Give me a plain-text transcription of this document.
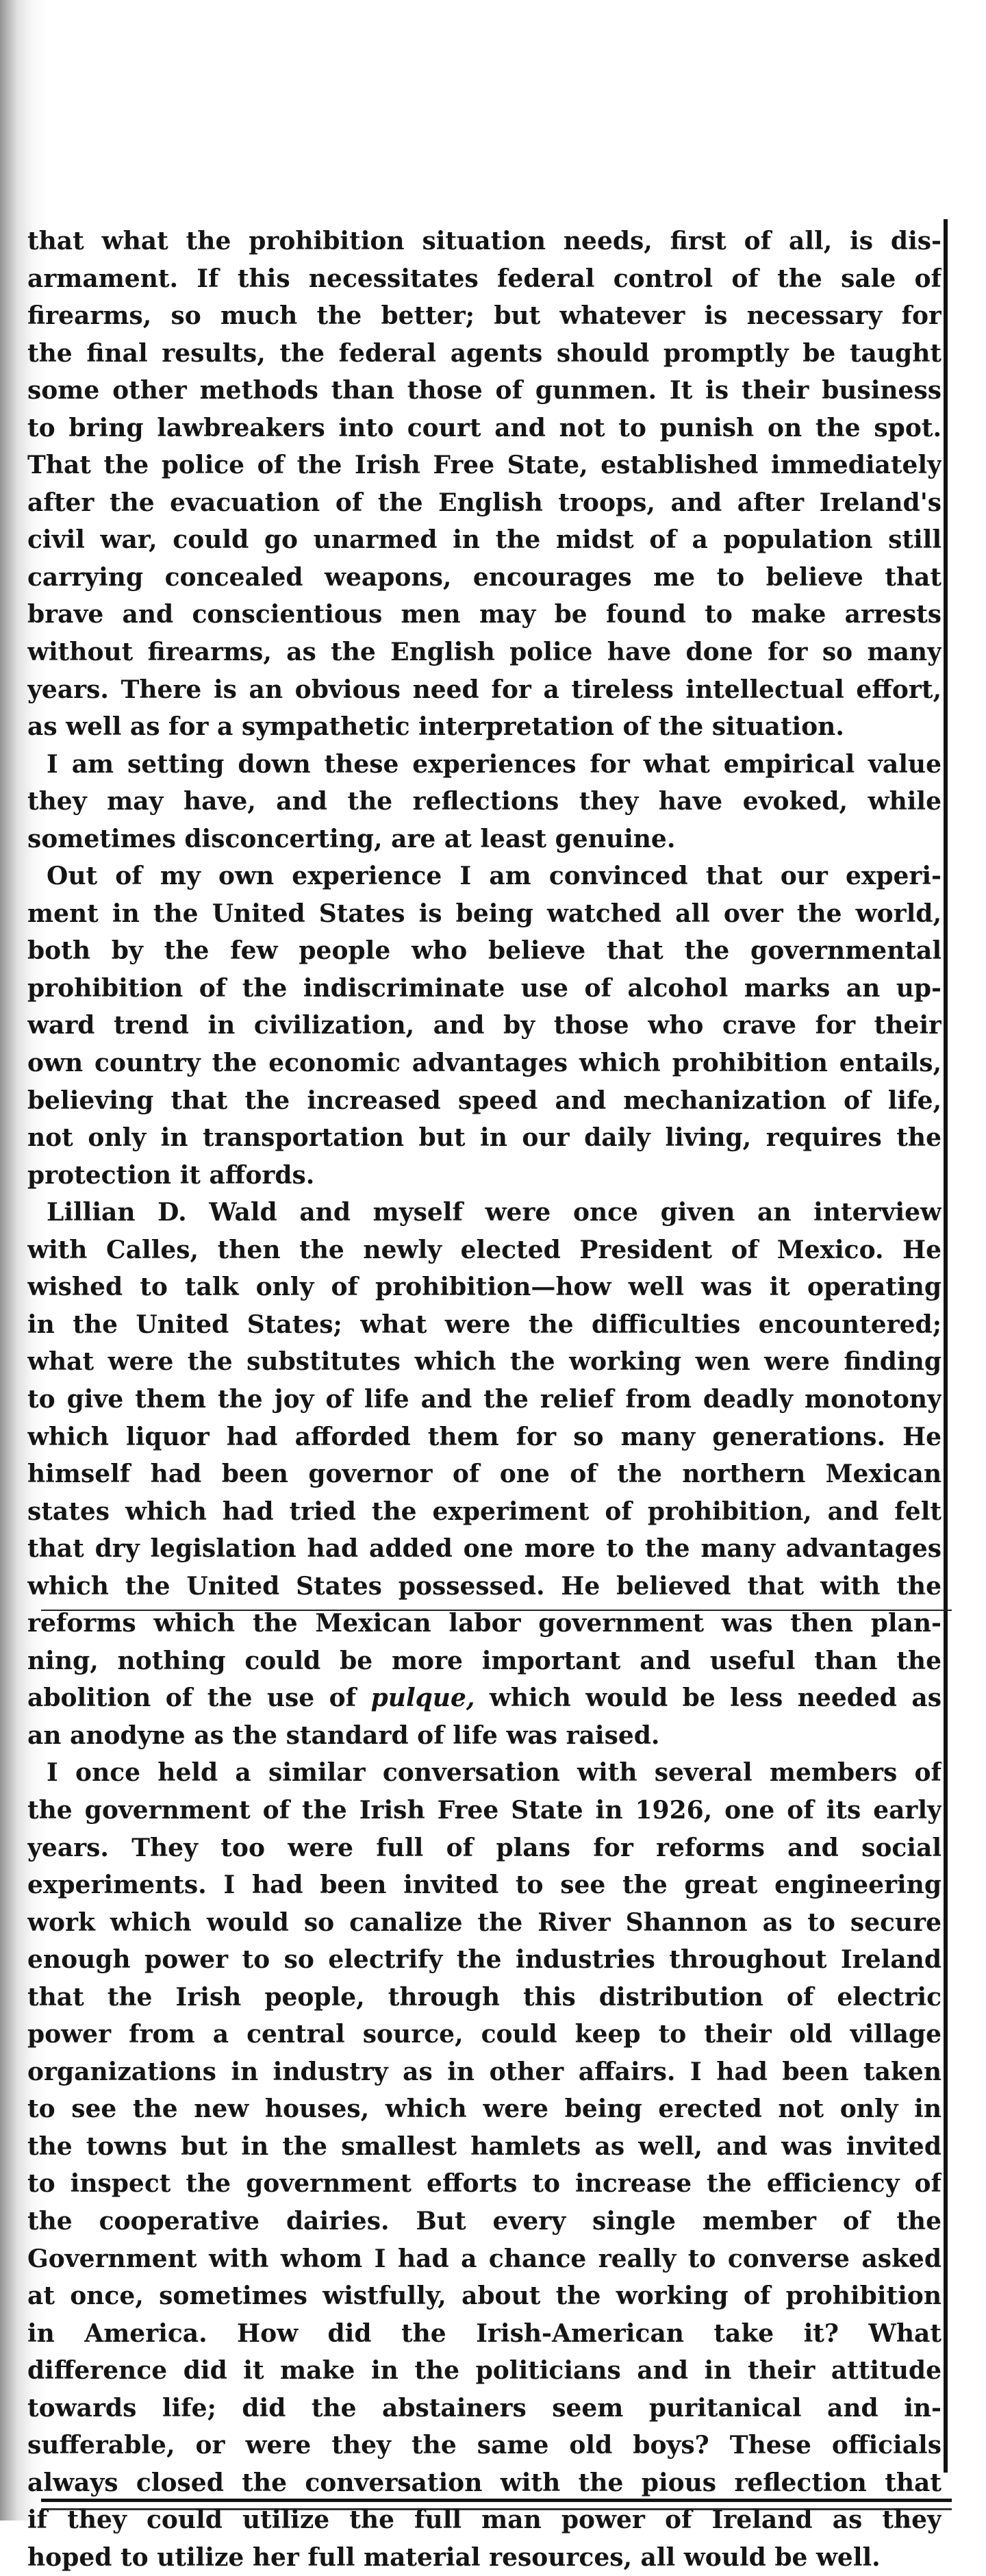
that what the prohibition situation needs, first of all, is dis-
armament. If this necessitates federal control of the sale of
firearms, so much the better; but whatever is necessary for
the final results, the federal agents should promptly be taught
some other methods than those of gunmen. It is their business
to bring lawbreakers into court and not to punish on the spot.
That the police of the Irish Free State, established immediately
after the evacuation of the English troops, and after Ireland's
civil war, could go unarmed in the midst of a population still
carrying concealed weapons, encourages me to believe that
brave and conscientious men may be found to make arrests
without firearms, as the English police have done for so many
years. There is an obvious need for a tireless intellectual effort,
as well as for a sympathetic interpretation of the situation.
I am setting down these experiences for what empirical value
they may have, and the reflections they have evoked, while
sometimes disconcerting, are at least genuine.
Out of my own experience I am convinced that our experi-
ment in the United States is being watched all over the world,
both by the few people who believe that the governmental
prohibition of the indiscriminate use of alcohol marks an up-
ward trend in civilization, and by those who crave for their
own country the economic advantages which prohibition entails,
believing that the increased speed and mechanization of life,
not only in transportation but in our daily living, requires the
protection it affords.
Lillian D. Wald and myself were once given an interview
with Calles, then the newly elected President of Mexico. He
wished to talk only of prohibition—how well was it operating
in the United States; what were the difficulties encountered;
what were the substitutes which the working wen were finding
to give them the joy of life and the relief from deadly monotony
which liquor had afforded them for so many generations. He
himself had been governor of one of the northern Mexican
states which had tried the experiment of prohibition, and felt
that dry legislation had added one more to the many advantages
which the United States possessed. He believed that with the
reforms which the Mexican labor government was then plan-
ning, nothing could be more important and useful than the
abolition of the use of pulque, which would be less needed as
an anodyne as the standard of life was raised.
I once held a similar conversation with several members of
the government of the Irish Free State in 1926, one of its early
years. They too were full of plans for reforms and social
experiments. I had been invited to see the great engineering
work which would so canalize the River Shannon as to secure
enough power to so electrify the industries throughout Ireland
that the Irish people, through this distribution of electric
power from a central source, could keep to their old village
organizations in industry as in other affairs. I had been taken
to see the new houses, which were being erected not only in
the towns but in the smallest hamlets as well, and was invited
to inspect the government efforts to increase the efficiency of
the cooperative dairies. But every single member of the
Government with whom I had a chance really to converse asked
at once, sometimes wistfully, about the working of prohibition
in America. How did the Irish-American take it? What
difference did it make in the politicians and in their attitude
towards life; did the abstainers seem puritanical and in-
sufferable, or were they the same old boys? These officials
always closed the conversation with the pious reflection that
if they could utilize the full man power of Ireland as they
hoped to utilize her full material resources, all would be well.
